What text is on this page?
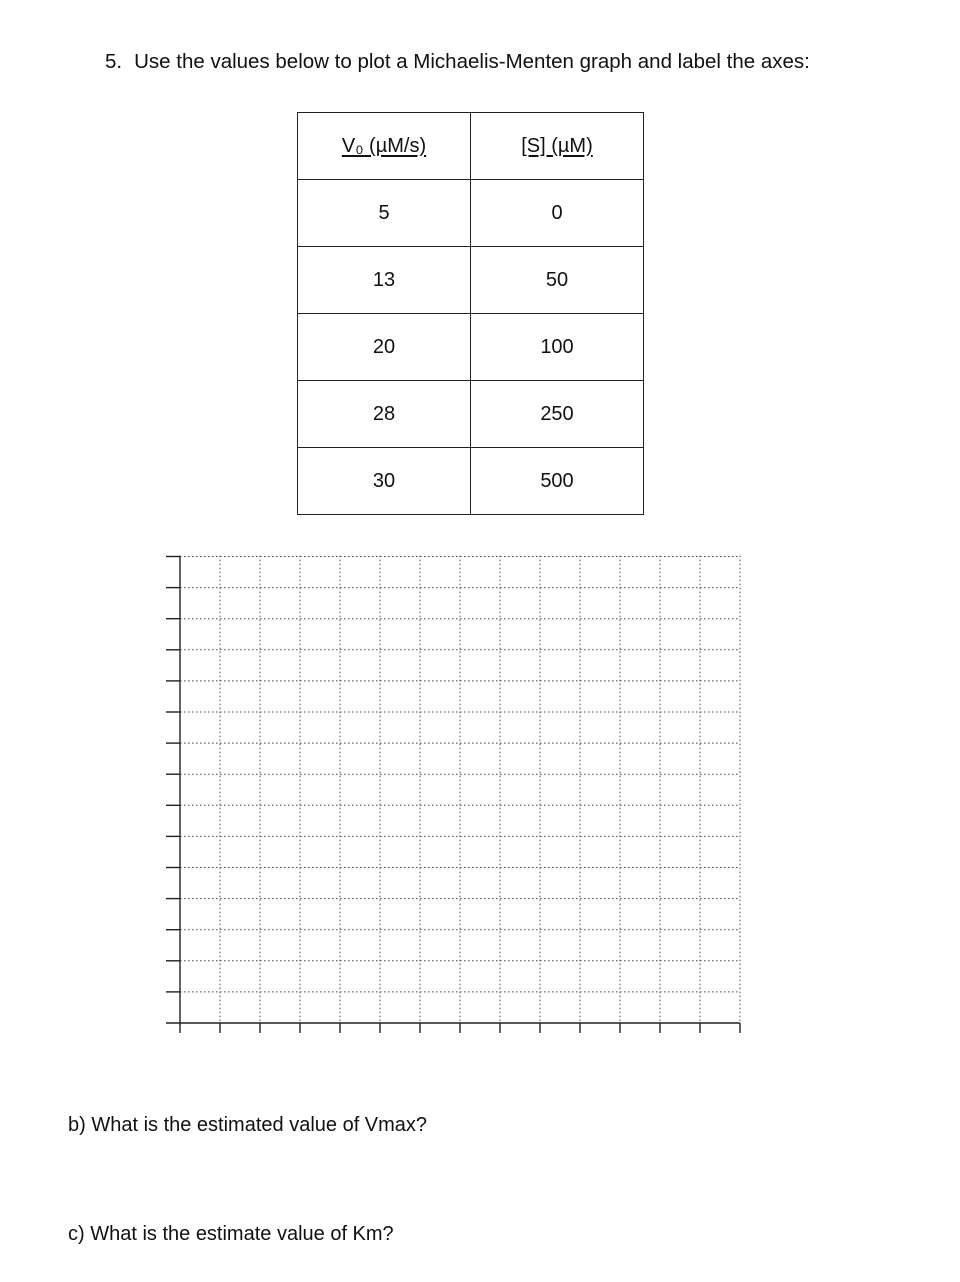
5. Use the values below to plot a Michaelis-Menten graph and label the axes:
V₀ (µM/s)	[S] (µM)
5	0
13	50
20	100
28	250
30	500
b) What is the estimated value of Vmax?
c) What is the estimate value of Km?
